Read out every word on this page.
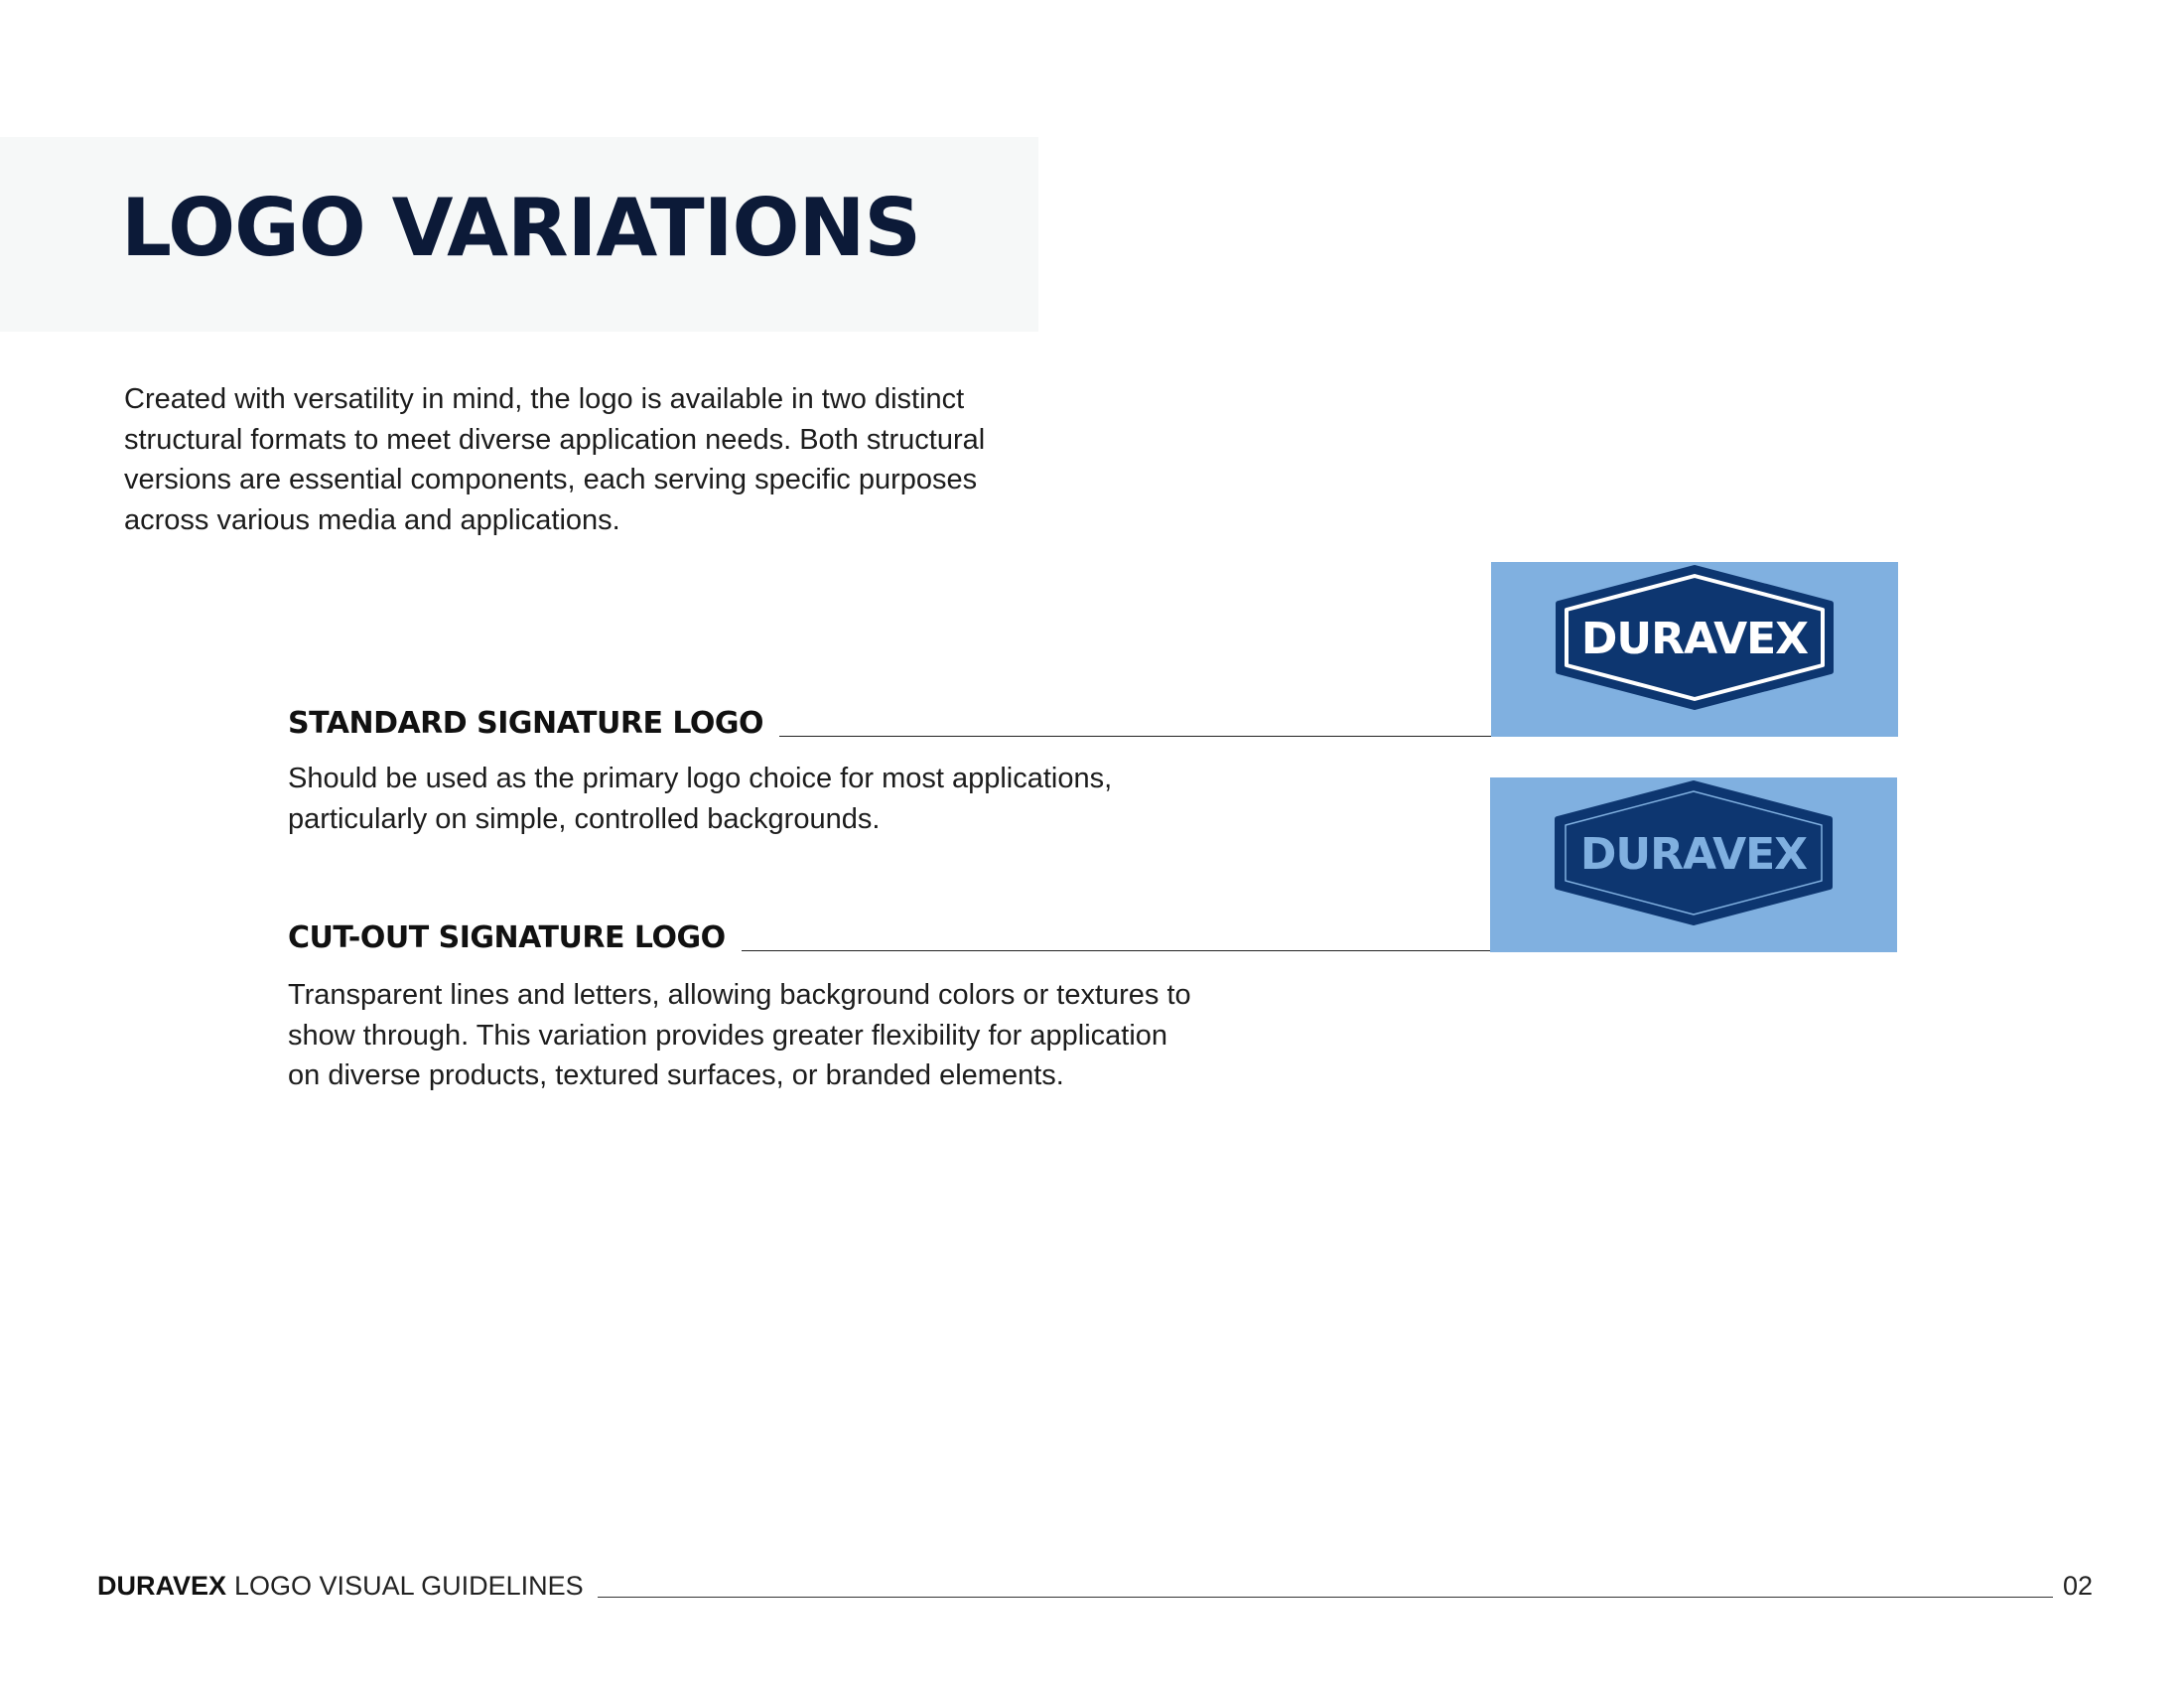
LOGO VARIATIONS

Created with versatility in mind, the logo is available in two distinct
structural formats to meet diverse application needs. Both structural
versions are essential components, each serving specific purposes
across various media and applications.

STANDARD SIGNATURE LOGO

Should be used as the primary logo choice for most applications,
particularly on simple, controlled backgrounds.

DURAVEX
CUT-OUT SIGNATURE LOGO

Transparent lines and letters, allowing background colors or textures to
show through. This variation provides greater flexibility for application
on diverse products, textured surfaces, or branded elements.

DURAVEX
DURAVEX LOGO VISUAL GUIDELINES	02
